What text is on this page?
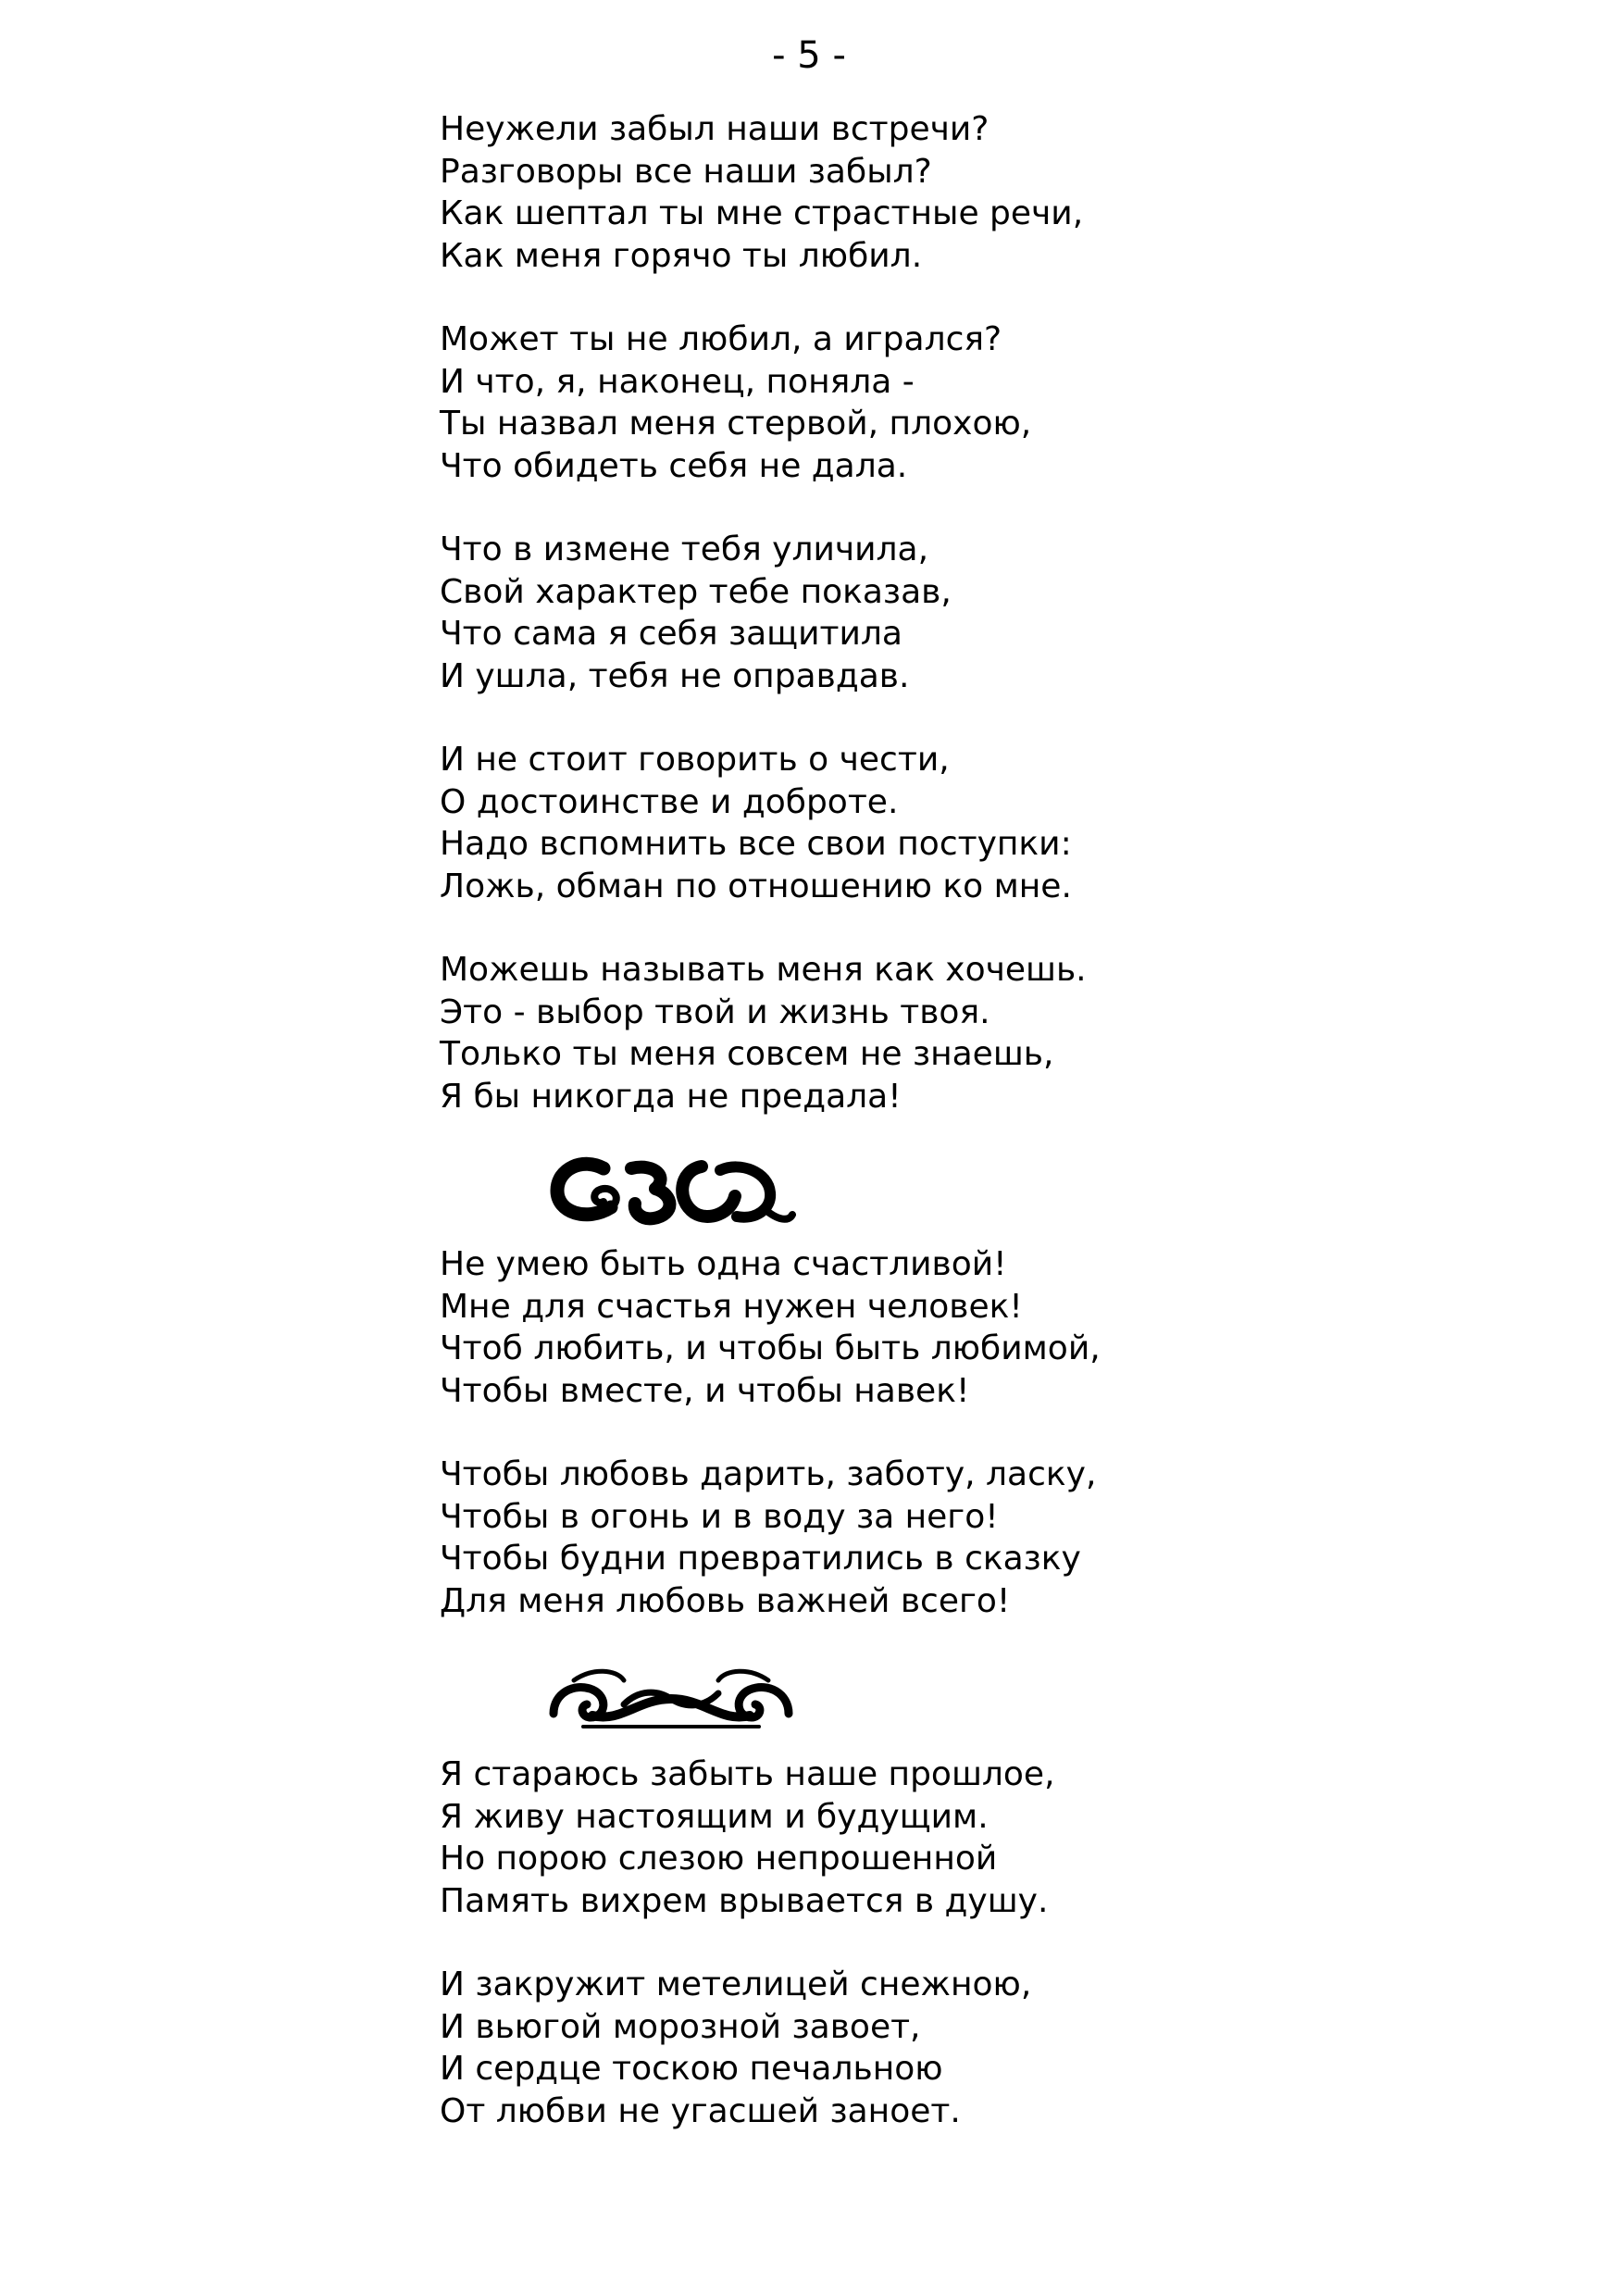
- 5 -
Неужели забыл наши встречи?
Разговоры все наши забыл?
Как шептал ты мне страстные речи,
Как меня горячо ты любил.
Может ты не любил, а игрался?
И что, я, наконец, поняла -
Ты назвал меня стервой, плохою,
Что обидеть себя не дала.
Что в измене тебя уличила,
Свой характер тебе показав,
Что сама я себя защитила
И ушла, тебя не оправдав.
И не стоит говорить о чести,
О достоинстве и доброте.
Надо вспомнить все свои поступки:
Ложь, обман по отношению ко мне.
Можешь называть меня как хочешь.
Это - выбор твой и жизнь твоя.
Только ты меня совсем не знаешь,
Я бы никогда не предала!
Не умею быть одна счастливой!
Мне для счастья нужен человек!
Чтоб любить, и чтобы быть любимой,
Чтобы вместе, и чтобы навек!
Чтобы любовь дарить, заботу, ласку,
Чтобы в огонь и в воду за него!
Чтобы будни превратились в сказку
Для меня любовь важней всего!
Я стараюсь забыть наше прошлое,
Я живу настоящим и будущим.
Но порою слезою непрошенной
Память вихрем врывается в душу.
И закружит метелицей снежною,
И вьюгой морозной завоет,
И сердце тоскою печальною
От любви не угасшей заноет.
